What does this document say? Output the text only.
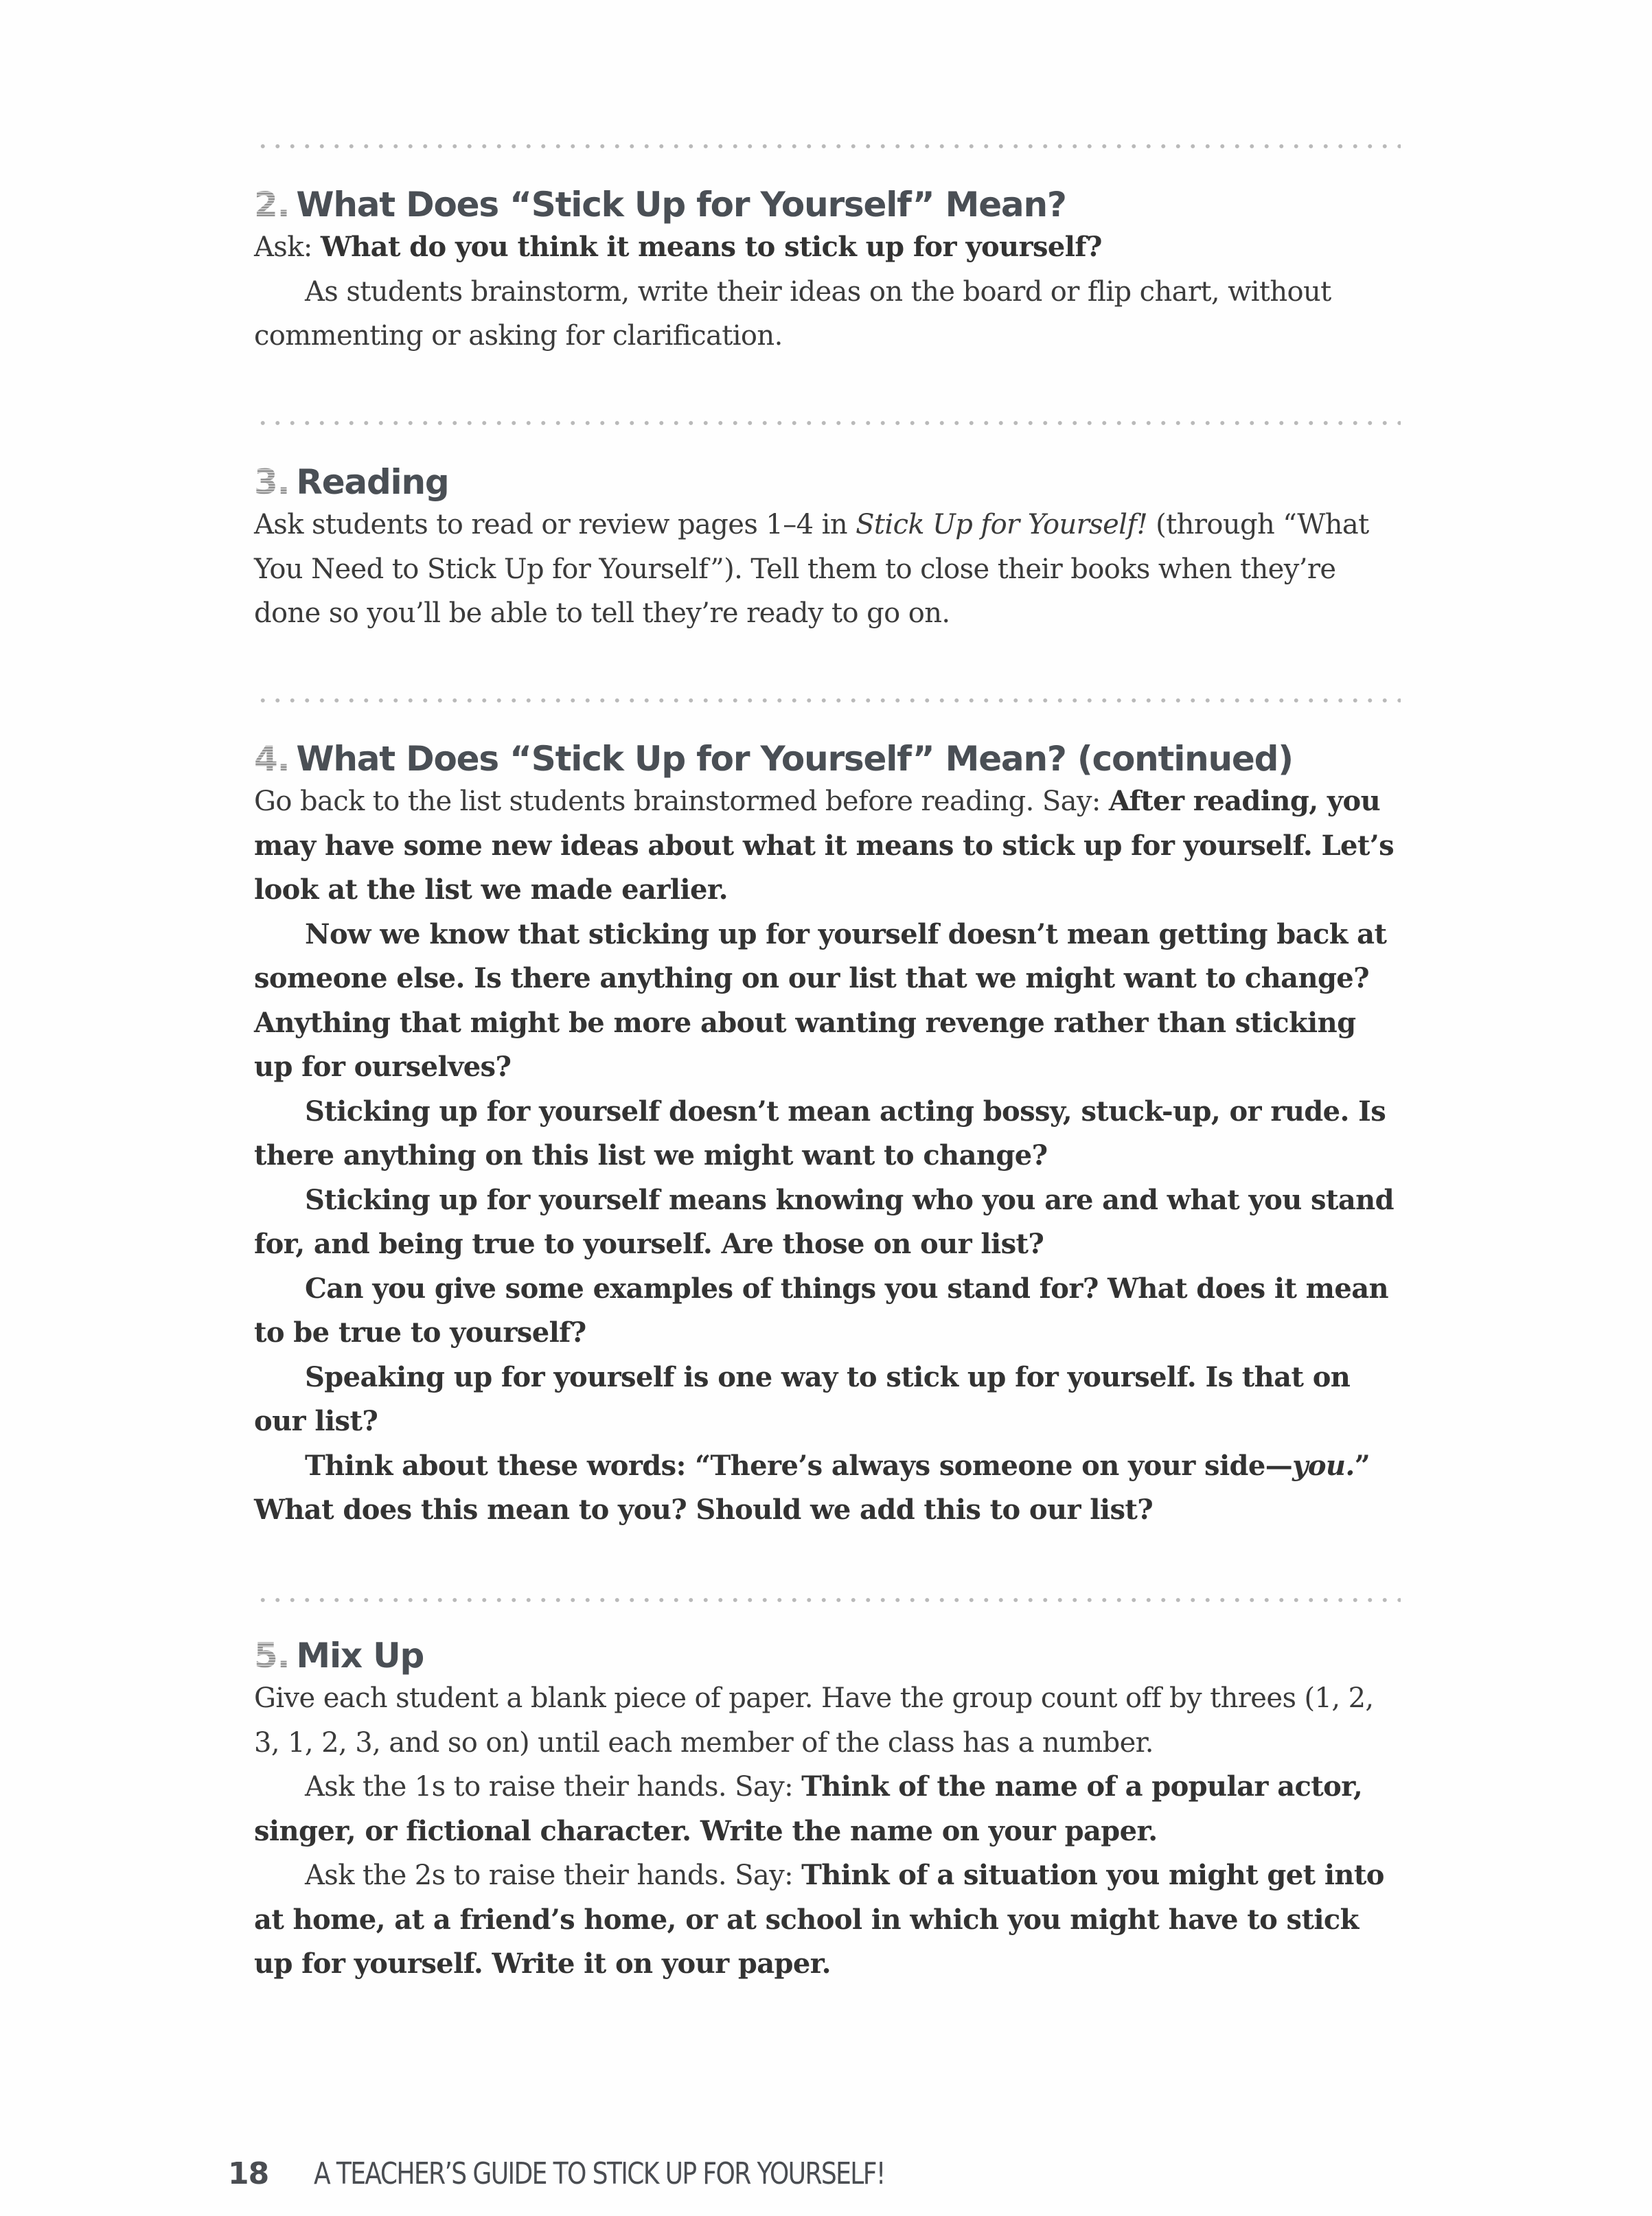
2. What Does “Stick Up for Yourself” Mean?

Ask: What do you think it means to stick up for yourself?

As students brainstorm, write their ideas on the board or flip chart, without commenting or asking for clarification.

3. Reading

Ask students to read or review pages 1–4 in Stick Up for Yourself! (through “What You Need to Stick Up for Yourself”). Tell them to close their books when they’re done so you’ll be able to tell they’re ready to go on.

4. What Does “Stick Up for Yourself” Mean? (continued)

Go back to the list students brainstormed before reading. Say: After reading, you may have some new ideas about what it means to stick up for yourself. Let’s look at the list we made earlier.

Now we know that sticking up for yourself doesn’t mean getting back at someone else. Is there anything on our list that we might want to change? Anything that might be more about wanting revenge rather than sticking up for ourselves?

Sticking up for yourself doesn’t mean acting bossy, stuck-up, or rude. Is there anything on this list we might want to change?

Sticking up for yourself means knowing who you are and what you stand for, and being true to yourself. Are those on our list?

Can you give some examples of things you stand for? What does it mean to be true to yourself?

Speaking up for yourself is one way to stick up for yourself. Is that on our list?

Think about these words: “There’s always someone on your side—you.” What does this mean to you? Should we add this to our list?

5. Mix Up

Give each student a blank piece of paper. Have the group count off by threes (1, 2, 3, 1, 2, 3, and so on) until each member of the class has a number.

Ask the 1s to raise their hands. Say: Think of the name of a popular actor, singer, or fictional character. Write the name on your paper.

Ask the 2s to raise their hands. Say: Think of a situation you might get into at home, at a friend’s home, or at school in which you might have to stick up for yourself. Write it on your paper.

18 A TEACHER’S GUIDE TO STICK UP FOR YOURSELF!
